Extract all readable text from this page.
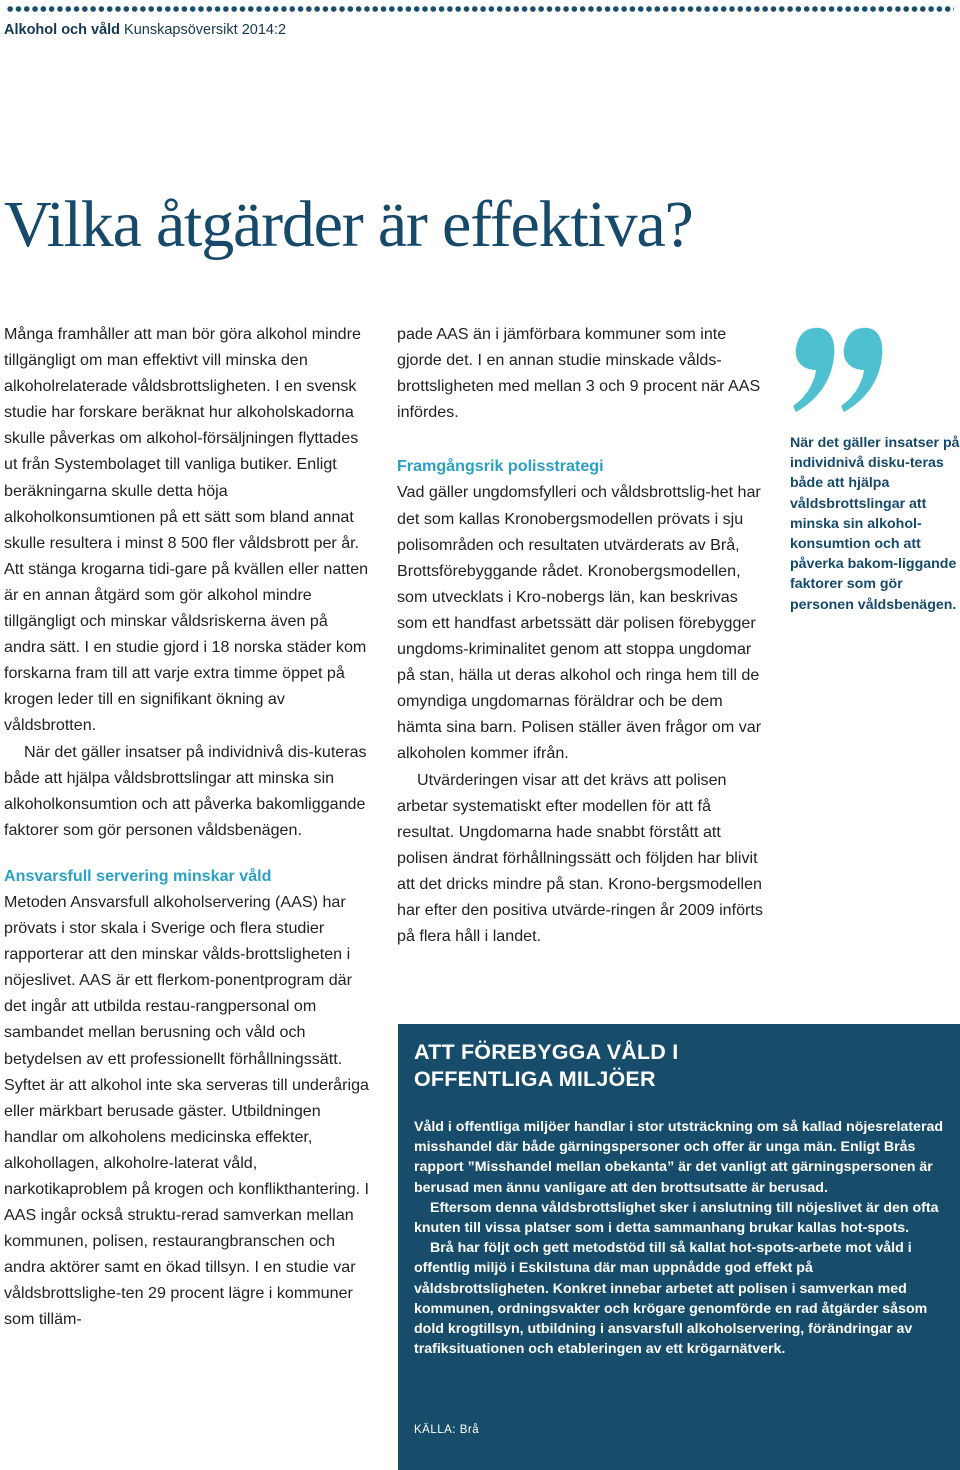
Alkohol och våld Kunskapsöversikt 2014:2
Vilka åtgärder är effektiva?

Många framhåller att man bör göra alkohol mindre tillgängligt om man effektivt vill minska den alkoholrelaterade våldsbrottsligheten. I en svensk studie har forskare beräknat hur alkoholskadorna skulle påverkas om alkohol-försäljningen flyttades ut från Systembolaget till vanliga butiker. Enligt beräkningarna skulle detta höja alkoholkonsumtionen på ett sätt som bland annat skulle resultera i minst 8 500 fler våldsbrott per år. Att stänga krogarna tidi-gare på kvällen eller natten är en annan åtgärd som gör alkohol mindre tillgängligt och minskar våldsriskerna även på andra sätt. I en studie gjord i 18 norska städer kom forskarna fram till att varje extra timme öppet på krogen leder till en signifikant ökning av våldsbrotten.

När det gäller insatser på individnivå dis-kuteras både att hjälpa våldsbrottslingar att minska sin alkoholkonsumtion och att påverka bakomliggande faktorer som gör personen våldsbenägen.

Ansvarsfull servering minskar våld

Metoden Ansvarsfull alkoholservering (AAS) har prövats i stor skala i Sverige och flera studier rapporterar att den minskar vålds-brottsligheten i nöjeslivet. AAS är ett flerkom-ponentprogram där det ingår att utbilda restau-rangpersonal om sambandet mellan berusning och våld och betydelsen av ett professionellt förhållningssätt. Syftet är att alkohol inte ska serveras till underåriga eller märkbart berusade gäster. Utbildningen handlar om alkoholens medicinska effekter, alkohollagen, alkoholre-laterat våld, narkotikaproblem på krogen och konflikthantering. I AAS ingår också struktu-rerad samverkan mellan kommunen, polisen, restaurangbranschen och andra aktörer samt en ökad tillsyn. I en studie var våldsbrottslighe-ten 29 procent lägre i kommuner som tilläm-

pade AAS än i jämförbara kommuner som inte gjorde det. I en annan studie minskade vålds-brottsligheten med mellan 3 och 9 procent när AAS infördes.

Framgångsrik polisstrategi

Vad gäller ungdomsfylleri och våldsbrottslig-het har det som kallas Kronobergsmodellen prövats i sju polisområden och resultaten utvärderats av Brå, Brottsförebyggande rådet. Kronobergsmodellen, som utvecklats i Kro-nobergs län, kan beskrivas som ett handfast arbetssätt där polisen förebygger ungdoms-kriminalitet genom att stoppa ungdomar på stan, hälla ut deras alkohol och ringa hem till de omyndiga ungdomarnas föräldrar och be dem hämta sina barn. Polisen ställer även frågor om var alkoholen kommer ifrån.

Utvärderingen visar att det krävs att polisen arbetar systematiskt efter modellen för att få resultat. Ungdomarna hade snabbt förstått att polisen ändrat förhållningssätt och följden har blivit att det dricks mindre på stan. Krono-bergsmodellen har efter den positiva utvärde-ringen år 2009 införts på flera håll i landet.

När det gäller insatser på individnivå disku-teras både att hjälpa våldsbrottslingar att minska sin alkohol-konsumtion och att påverka bakom-liggande faktorer som gör personen våldsbenägen.
ATT FÖREBYGGA VÅLD I OFFENTLIGA MILJÖER

Våld i offentliga miljöer handlar i stor utsträckning om så kallad nöjesrelaterad misshandel där både gärningspersoner och offer är unga män. Enligt Brås rapport ”Misshandel mellan obekanta” är det vanligt att gärningspersonen är berusad men ännu vanligare att den brottsutsatte är berusad.

Eftersom denna våldsbrottslighet sker i anslutning till nöjeslivet är den ofta knuten till vissa platser som i detta sammanhang brukar kallas hot-spots.

Brå har följt och gett metodstöd till så kallat hot-spots-arbete mot våld i offentlig miljö i Eskilstuna där man uppnådde god effekt på våldsbrottsligheten. Konkret innebar arbetet att polisen i samverkan med kommunen, ordningsvakter och krögare genomförde en rad åtgärder såsom dold krogtillsyn, utbildning i ansvarsfull alkoholservering, förändringar av trafiksituationen och etableringen av ett krögarnätverk.

KÄLLA: Brå
